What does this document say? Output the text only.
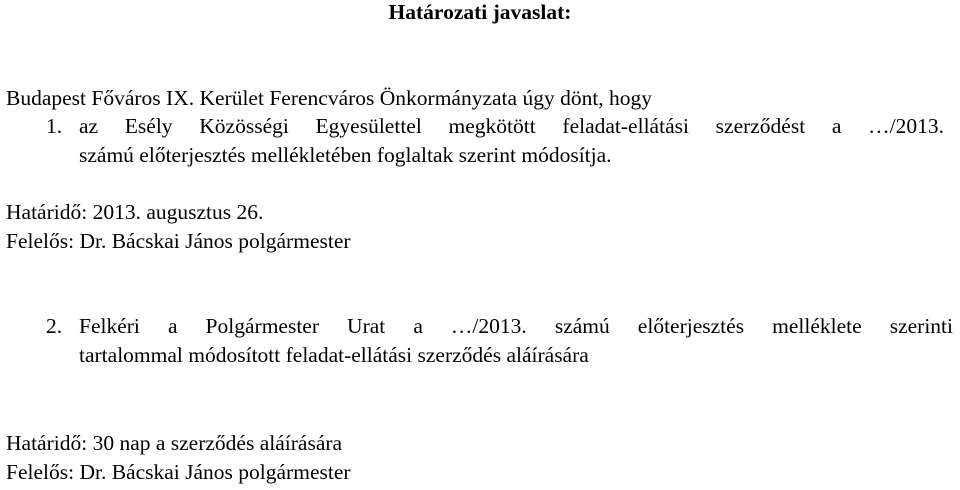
Határozati javaslat:
Budapest Főváros IX. Kerület Ferencváros Önkormányzata úgy dönt, hogy
1. az Esély Közösségi Egyesülettel megkötött feladat-ellátási szerződést a …/2013.
számú előterjesztés mellékletében foglaltak szerint módosítja.
Határidő: 2013. augusztus 26.
Felelős: Dr. Bácskai János polgármester
2. Felkéri a Polgármester Urat a …/2013. számú előterjesztés melléklete szerinti
tartalommal módosított feladat-ellátási szerződés aláírására
Határidő: 30 nap a szerződés aláírására
Felelős: Dr. Bácskai János polgármester
